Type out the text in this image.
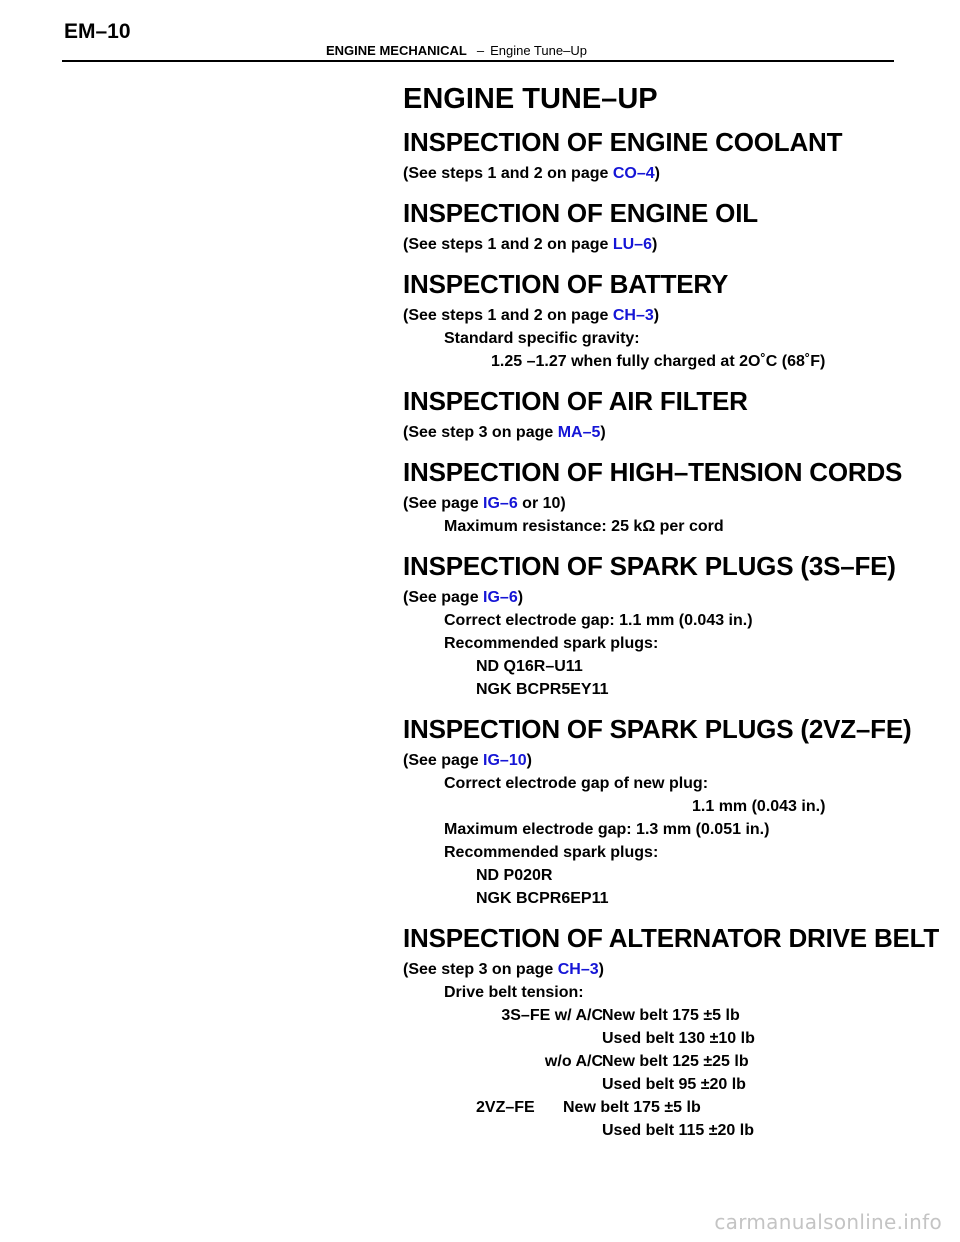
EM–10
ENGINE MECHANICAL – Engine Tune–Up
ENGINE TUNE–UP
INSPECTION OF ENGINE COOLANT
(See steps 1 and 2 on page CO–4)
INSPECTION OF ENGINE OIL
(See steps 1 and 2 on page LU–6)
INSPECTION OF BATTERY
(See steps 1 and 2 on page CH–3)
Standard specific gravity:
1.25 –1.27 when fully charged at 2O˚C (68˚F)
INSPECTION OF AIR FILTER
(See step 3 on page MA–5)
INSPECTION OF HIGH–TENSION CORDS
(See page IG–6 or 10)
Maximum resistance: 25 kΩ per cord
INSPECTION OF SPARK PLUGS (3S–FE)
(See page IG–6)
Correct electrode gap: 1.1 mm (0.043 in.)
Recommended spark plugs:
ND Q16R–U11
NGK BCPR5EY11
INSPECTION OF SPARK PLUGS (2VZ–FE)
(See page IG–10)
Correct electrode gap of new plug:
1.1 mm (0.043 in.)
Maximum electrode gap: 1.3 mm (0.051 in.)
Recommended spark plugs:
ND P020R
NGK BCPR6EP11
INSPECTION OF ALTERNATOR DRIVE BELT
(See step 3 on page CH–3)
Drive belt tension:
3S–FE w/ A/C New belt 175 ±5 lb
Used belt 130 ±10 lb
w/o A/C New belt 125 ±25 lb
Used belt 95 ±20 lb
2VZ–FE New belt 175 ±5 lb
Used belt 115 ±20 lb
carmanualsonline.info
